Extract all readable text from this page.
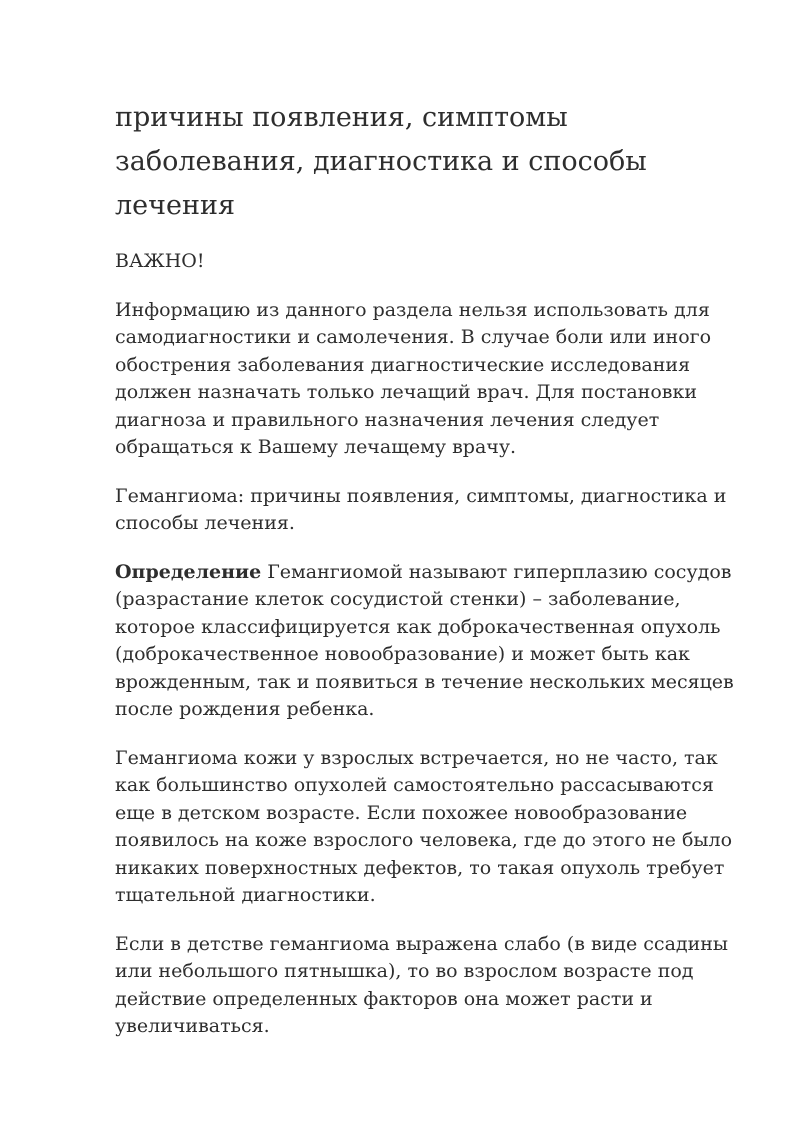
причины появления, симптомы заболевания, диагностика и способы лечения

ВАЖНО!

Информацию из данного раздела нельзя использовать для самодиагностики и самолечения. В случае боли или иного обострения заболевания диагностические исследования должен назначать только лечащий врач. Для постановки диагноза и правильного назначения лечения следует обращаться к Вашему лечащему врачу.

Гемангиома: причины появления, симптомы, диагностика и способы лечения.

Определение Гемангиомой называют гиперплазию сосудов (разрастание клеток сосудистой стенки) – заболевание, которое классифицируется как доброкачественная опухоль (доброкачественное новообразование) и может быть как врожденным, так и появиться в течение нескольких месяцев после рождения ребенка.

Гемангиома кожи у взрослых встречается, но не часто, так как большинство опухолей самостоятельно рассасываются еще в детском возрасте. Если похожее новообразование появилось на коже взрослого человека, где до этого не было никаких поверхностных дефектов, то такая опухоль требует тщательной диагностики.

Если в детстве гемангиома выражена слабо (в виде ссадины или небольшого пятнышка), то во взрослом возрасте под действие определенных факторов она может расти и увеличиваться.
